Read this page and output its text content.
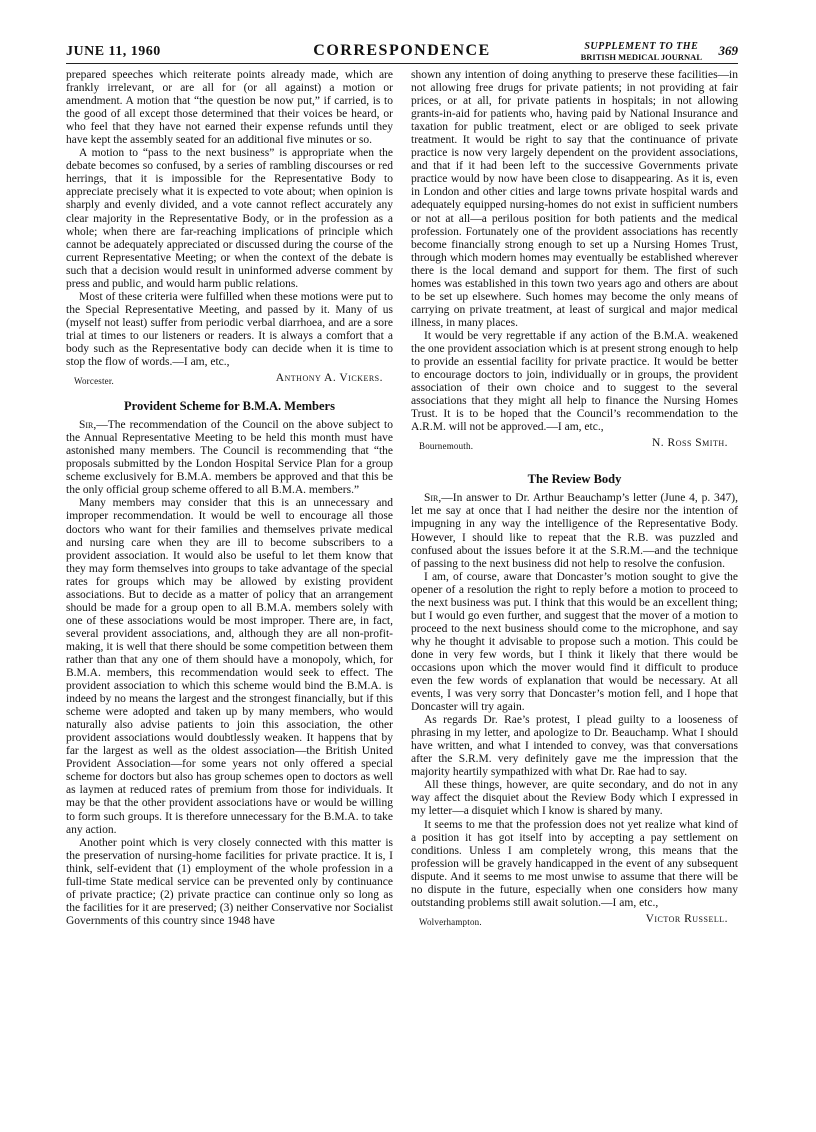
JUNE 11, 1960	CORRESPONDENCE	SUPPLEMENT TO THE
BRITISH MEDICAL JOURNAL 369

prepared speeches which reiterate points already made, which are frankly irrelevant, or are all for (or all against) a motion or amendment. A motion that “the question be now put,” if carried, is to the good of all except those determined that their voices be heard, or who feel that they have not earned their expense refunds until they have kept the assembly seated for an additional five minutes or so.

A motion to “pass to the next business” is appropriate when the debate becomes so confused, by a series of rambling discourses or red herrings, that it is impossible for the Representative Body to appreciate precisely what it is expected to vote about; when opinion is sharply and evenly divided, and a vote cannot reflect accurately any clear majority in the Representative Body, or in the profession as a whole; when there are far-reaching implications of principle which cannot be adequately appreciated or discussed during the course of the current Representative Meeting; or when the context of the debate is such that a decision would result in uninformed adverse comment by press and public, and would harm public relations.

Most of these criteria were fulfilled when these motions were put to the Special Representative Meeting, and passed by it. Many of us (myself not least) suffer from periodic verbal diarrhoea, and are a sore trial at times to our listeners or readers. It is always a comfort that a body such as the Representative body can decide when it is time to stop the flow of words.—I am, etc.,

Worcester.	Anthony A. Vickers.
Provident Scheme for B.M.A. Members

Sir,—The recommendation of the Council on the above subject to the Annual Representative Meeting to be held this month must have astonished many members. The Council is recommending that “the proposals submitted by the London Hospital Service Plan for a group scheme exclusively for B.M.A. members be approved and that this be the only official group scheme offered to all B.M.A. members.”

Many members may consider that this is an unnecessary and improper recommendation. It would be well to encourage all those doctors who want for their families and themselves private medical and nursing care when they are ill to become subscribers to a provident association. It would also be useful to let them know that they may form themselves into groups to take advantage of the special rates for groups which may be allowed by existing provident associations. But to decide as a matter of policy that an arrangement should be made for a group open to all B.M.A. members solely with one of these associations would be most improper. There are, in fact, several provident associations, and, although they are all non-profit-making, it is well that there should be some competition between them rather than that any one of them should have a monopoly, which, for B.M.A. members, this recommendation would seek to effect. The provident association to which this scheme would bind the B.M.A. is indeed by no means the largest and the strongest financially, but if this scheme were adopted and taken up by many members, who would naturally also advise patients to join this association, the other provident associations would doubtlessly weaken. It happens that by far the largest as well as the oldest association—the British United Provident Association—for some years not only offered a special scheme for doctors but also has group schemes open to doctors as well as laymen at reduced rates of premium from those for individuals. It may be that the other provident associations have or would be willing to form such groups. It is therefore unnecessary for the B.M.A. to take any action.

Another point which is very closely connected with this matter is the preservation of nursing-home facilities for private practice. It is, I think, self-evident that (1) employment of the whole profession in a full-time State medical service can be prevented only by continuance of private practice; (2) private practice can continue only so long as the facilities for it are preserved; (3) neither Conservative nor Socialist Governments of this country since 1948 have

shown any intention of doing anything to preserve these facilities—in not allowing free drugs for private patients; in not providing at fair prices, or at all, for private patients in hospitals; in not allowing grants-in-aid for patients who, having paid by National Insurance and taxation for public treatment, elect or are obliged to seek private treatment. It would be right to say that the continuance of private practice is now very largely dependent on the provident associations, and that if it had been left to the successive Governments private practice would by now have been close to disappearing. As it is, even in London and other cities and large towns private hospital wards and adequately equipped nursing-homes do not exist in sufficient numbers or not at all—a perilous position for both patients and the medical profession. Fortunately one of the provident associations has recently become financially strong enough to set up a Nursing Homes Trust, through which modern homes may eventually be established wherever there is the local demand and support for them. The first of such homes was established in this town two years ago and others are about to be set up elsewhere. Such homes may become the only means of carrying on private treatment, at least of surgical and major medical illness, in many places.

It would be very regrettable if any action of the B.M.A. weakened the one provident association which is at present strong enough to help to provide an essential facility for private practice. It would be better to encourage doctors to join, individually or in groups, the provident association of their own choice and to suggest to the several associations that they might all help to finance the Nursing Homes Trust. It is to be hoped that the Council’s recommendation to the A.R.M. will not be approved.—I am, etc.,

Bournemouth.	N. Ross Smith.
The Review Body

Sir,—In answer to Dr. Arthur Beauchamp’s letter (June 4, p. 347), let me say at once that I had neither the desire nor the intention of impugning in any way the intelligence of the Representative Body. However, I should like to repeat that the R.B. was puzzled and confused about the issues before it at the S.R.M.—and the technique of passing to the next business did not help to resolve the confusion.

I am, of course, aware that Doncaster’s motion sought to give the opener of a resolution the right to reply before a motion to proceed to the next business was put. I think that this would be an excellent thing; but I would go even further, and suggest that the mover of a motion to proceed to the next business should come to the microphone, and say why he thought it advisable to propose such a motion. This could be done in very few words, but I think it likely that there would be occasions upon which the mover would find it difficult to produce even the few words of explanation that would be necessary. At all events, I was very sorry that Doncaster’s motion fell, and I hope that Doncaster will try again.

As regards Dr. Rae’s protest, I plead guilty to a looseness of phrasing in my letter, and apologize to Dr. Beauchamp. What I should have written, and what I intended to convey, was that conversations after the S.R.M. very definitely gave me the impression that the majority heartily sympathized with what Dr. Rae had to say.

All these things, however, are quite secondary, and do not in any way affect the disquiet about the Review Body which I expressed in my letter—a disquiet which I know is shared by many.

It seems to me that the profession does not yet realize what kind of a position it has got itself into by accepting a pay settlement on conditions. Unless I am completely wrong, this means that the profession will be gravely handicapped in the event of any subsequent dispute. And it seems to me most unwise to assume that there will be no dispute in the future, especially when one considers how many outstanding problems still await solution.—I am, etc.,

Wolverhampton.	Victor Russell.
